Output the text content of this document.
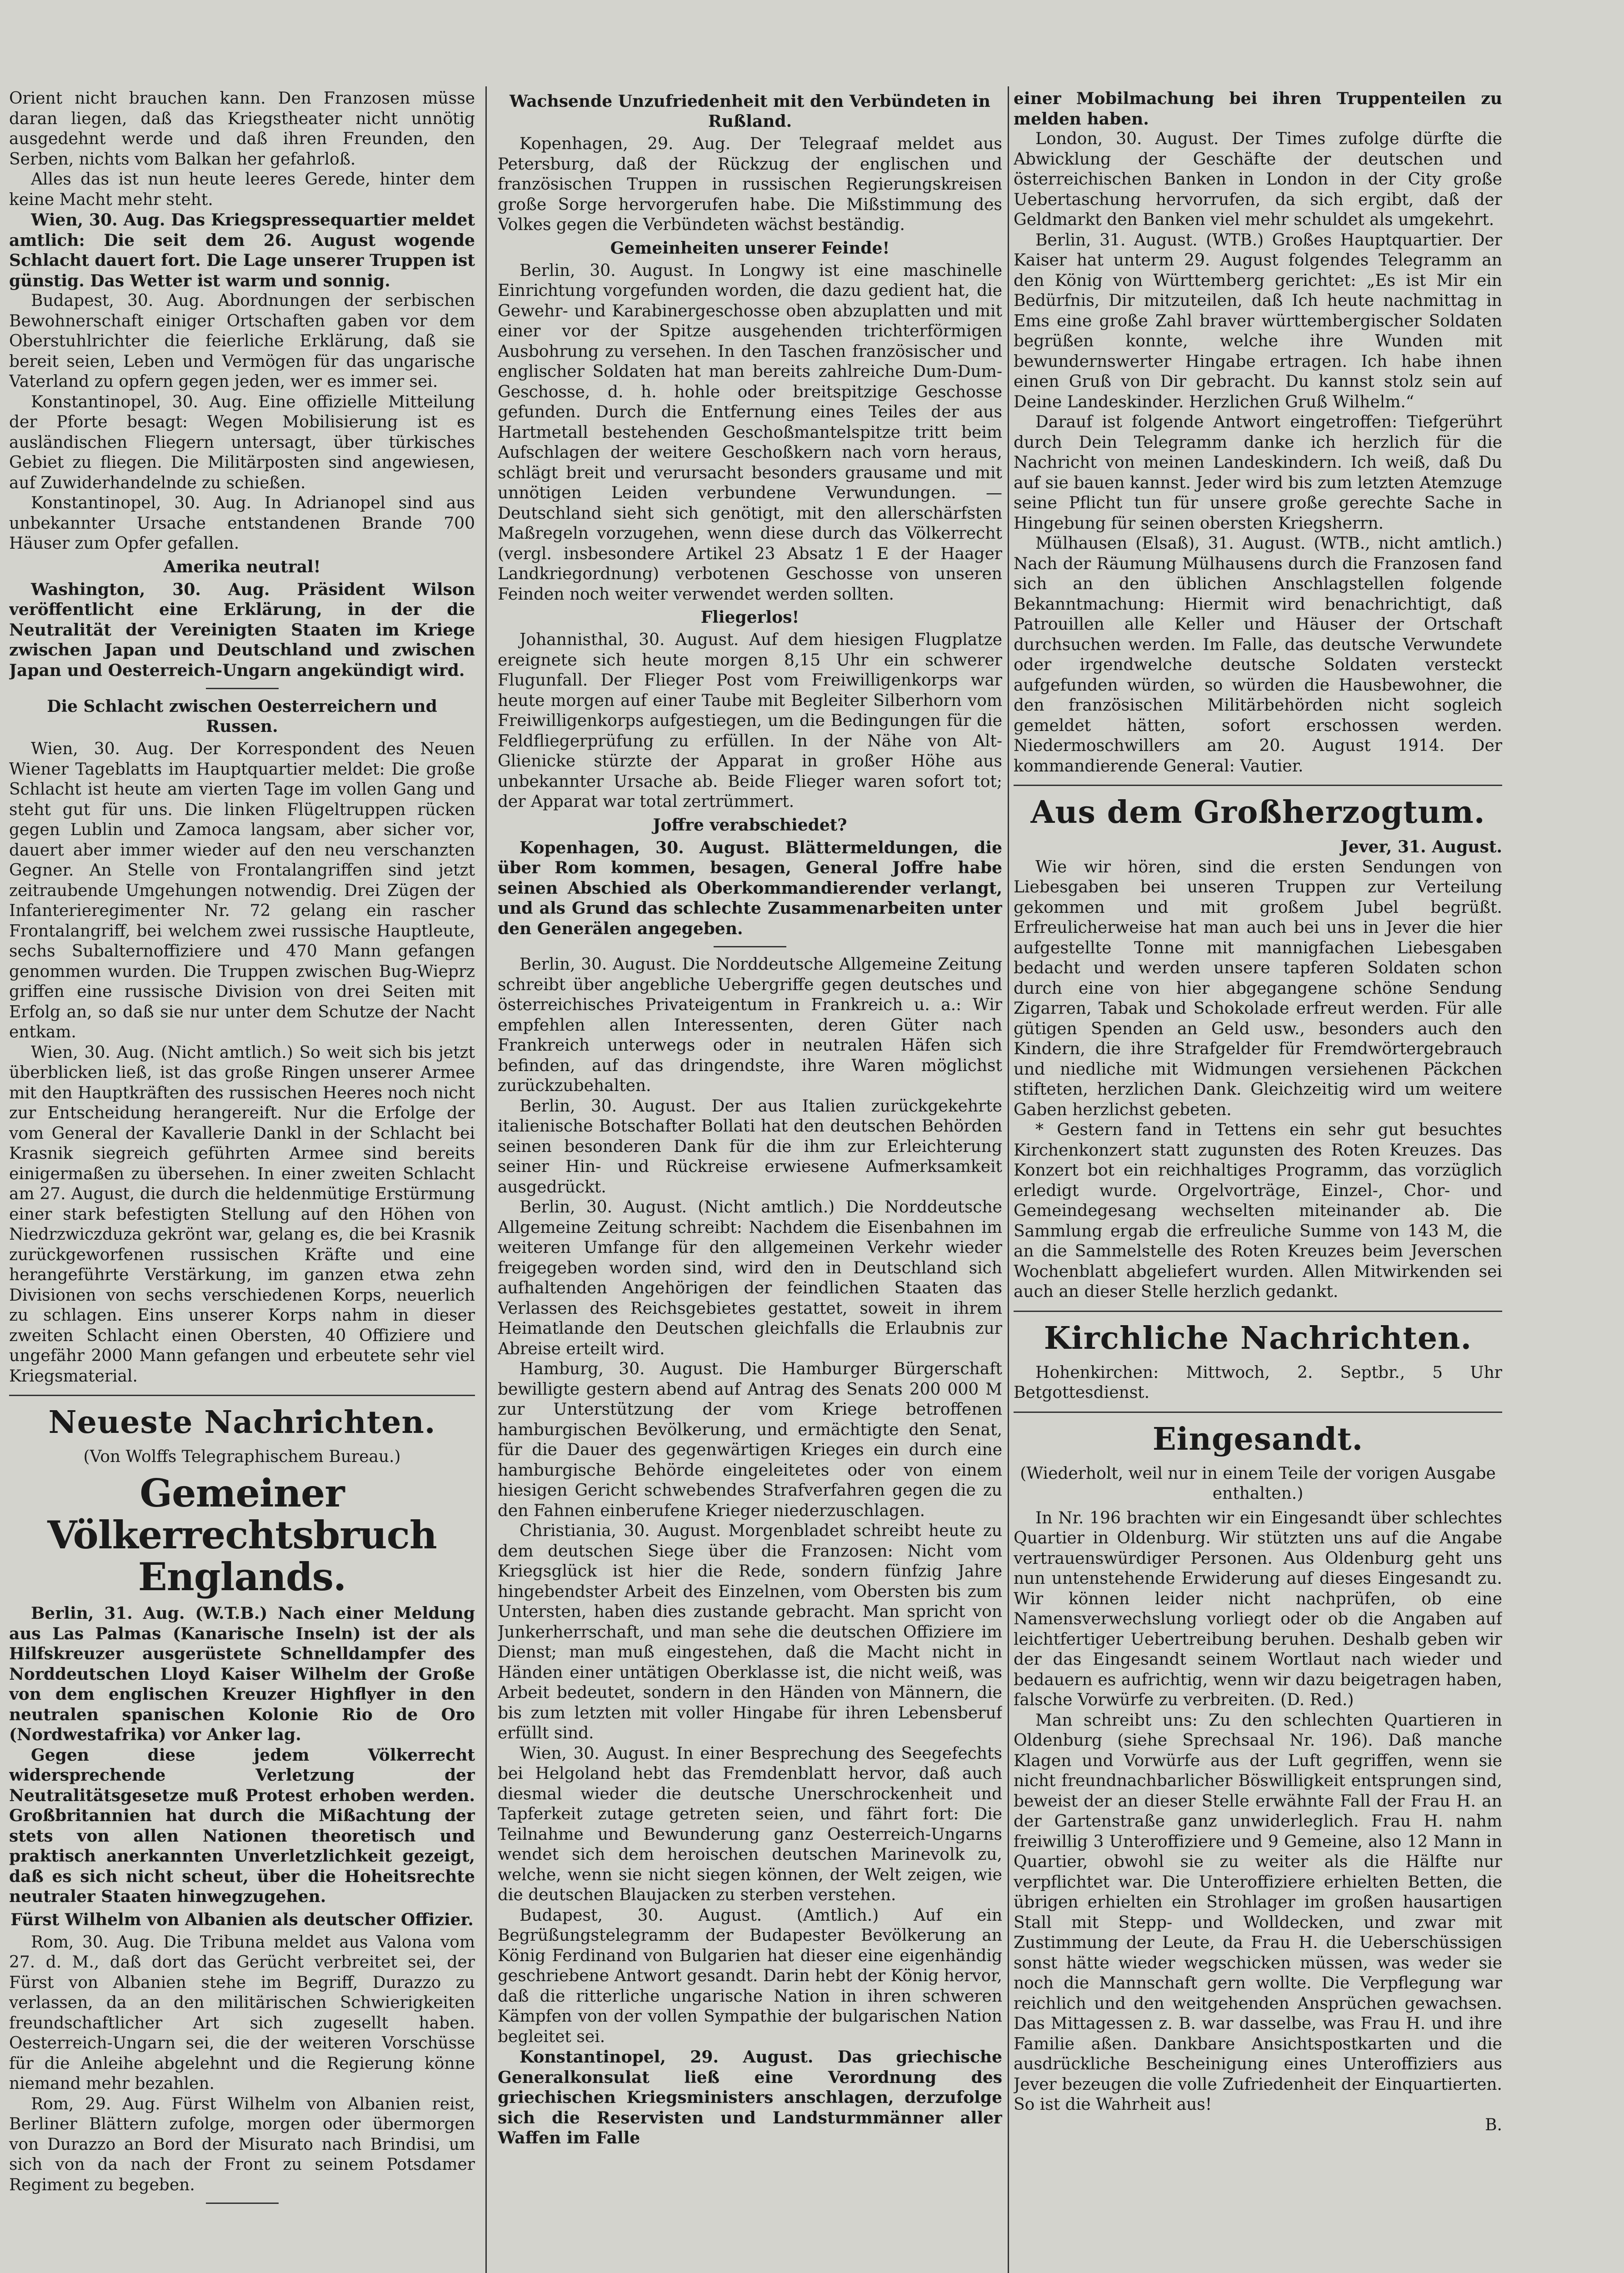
Orient nicht brauchen kann. Den Franzosen müsse daran liegen, daß das Kriegstheater nicht unnötig ausgedehnt werde und daß ihren Freunden, den Serben, nichts vom Balkan her gefahrloß.

Alles das ist nun heute leeres Gerede, hinter dem keine Macht mehr steht.

Wien, 30. Aug. Das Kriegspressequartier meldet amtlich: Die seit dem 26. August wogende Schlacht dauert fort. Die Lage unserer Truppen ist günstig. Das Wetter ist warm und sonnig.

Budapest, 30. Aug. Abordnungen der serbischen Bewohnerschaft einiger Ortschaften gaben vor dem Oberstuhlrichter die feierliche Erklärung, daß sie bereit seien, Leben und Vermögen für das ungarische Vaterland zu opfern gegen jeden, wer es immer sei.

Konstantinopel, 30. Aug. Eine offizielle Mitteilung der Pforte besagt: Wegen Mobilisierung ist es ausländischen Fliegern untersagt, über türkisches Gebiet zu fliegen. Die Militärposten sind angewiesen, auf Zuwiderhandelnde zu schießen.

Konstantinopel, 30. Aug. In Adrianopel sind aus unbekannter Ursache entstandenen Brande 700 Häuser zum Opfer gefallen.

Amerika neutral!

Washington, 30. Aug. Präsident Wilson veröffentlicht eine Erklärung, in der die Neutralität der Vereinigten Staaten im Kriege zwischen Japan und Deutschland und zwischen Japan und Oesterreich-Ungarn angekündigt wird.

Die Schlacht zwischen Oesterreichern und Russen.

Wien, 30. Aug. Der Korrespondent des Neuen Wiener Tageblatts im Hauptquartier meldet: Die große Schlacht ist heute am vierten Tage im vollen Gang und steht gut für uns. Die linken Flügeltruppen rücken gegen Lublin und Zamoca langsam, aber sicher vor, dauert aber immer wieder auf den neu verschanzten Gegner. An Stelle von Frontalangriffen sind jetzt zeitraubende Umgehungen notwendig. Drei Zügen der Infanterieregimenter Nr. 72 gelang ein rascher Frontalangriff, bei welchem zwei russische Hauptleute, sechs Subalternoffiziere und 470 Mann gefangen genommen wurden. Die Truppen zwischen Bug-Wieprz griffen eine russische Division von drei Seiten mit Erfolg an, so daß sie nur unter dem Schutze der Nacht entkam.

Wien, 30. Aug. (Nicht amtlich.) So weit sich bis jetzt überblicken ließ, ist das große Ringen unserer Armee mit den Hauptkräften des russischen Heeres noch nicht zur Entscheidung herangereift. Nur die Erfolge der vom General der Kavallerie Dankl in der Schlacht bei Krasnik siegreich geführten Armee sind bereits einigermaßen zu übersehen. In einer zweiten Schlacht am 27. August, die durch die heldenmütige Erstürmung einer stark befestigten Stellung auf den Höhen von Niedrzwiczduza gekrönt war, gelang es, die bei Krasnik zurückgeworfenen russischen Kräfte und eine herangeführte Verstärkung, im ganzen etwa zehn Divisionen von sechs verschiedenen Korps, neuerlich zu schlagen. Eins unserer Korps nahm in dieser zweiten Schlacht einen Obersten, 40 Offiziere und ungefähr 2000 Mann gefangen und erbeutete sehr viel Kriegsmaterial.

Neueste Nachrichten.
(Von Wolffs Telegraphischem Bureau.)
Gemeiner Völkerrechtsbruch Englands.

Berlin, 31. Aug. (W.T.B.) Nach einer Meldung aus Las Palmas (Kanarische Inseln) ist der als Hilfskreuzer ausgerüstete Schnelldampfer des Norddeutschen Lloyd Kaiser Wilhelm der Große von dem englischen Kreuzer Highflyer in den neutralen spanischen Kolonie Rio de Oro (Nordwestafrika) vor Anker lag.

Gegen diese jedem Völkerrecht widersprechende Verletzung der Neutralitätsgesetze muß Protest erhoben werden. Großbritannien hat durch die Mißachtung der stets von allen Nationen theoretisch und praktisch anerkannten Unverletzlichkeit gezeigt, daß es sich nicht scheut, über die Hoheitsrechte neutraler Staaten hinwegzugehen.

Fürst Wilhelm von Albanien als deutscher Offizier.

Rom, 30. Aug. Die Tribuna meldet aus Valona vom 27. d. M., daß dort das Gerücht verbreitet sei, der Fürst von Albanien stehe im Begriff, Durazzo zu verlassen, da an den militärischen Schwierigkeiten freundschaftlicher Art sich zugesellt haben. Oesterreich-Ungarn sei, die der weiteren Vorschüsse für die Anleihe abgelehnt und die Regierung könne niemand mehr bezahlen.

Rom, 29. Aug. Fürst Wilhelm von Albanien reist, Berliner Blättern zufolge, morgen oder übermorgen von Durazzo an Bord der Misurato nach Brindisi, um sich von da nach der Front zu seinem Potsdamer Regiment zu begeben.

Wachsende Unzufriedenheit mit den Verbündeten in Rußland.

Kopenhagen, 29. Aug. Der Telegraaf meldet aus Petersburg, daß der Rückzug der englischen und französischen Truppen in russischen Regierungskreisen große Sorge hervorgerufen habe. Die Mißstimmung des Volkes gegen die Verbündeten wächst beständig.

Gemeinheiten unserer Feinde!

Berlin, 30. August. In Longwy ist eine maschinelle Einrichtung vorgefunden worden, die dazu gedient hat, die Gewehr- und Karabinergeschosse oben abzuplatten und mit einer vor der Spitze ausgehenden trichterförmigen Ausbohrung zu versehen. In den Taschen französischer und englischer Soldaten hat man bereits zahlreiche Dum-Dum-Geschosse, d. h. hohle oder breitspitzige Geschosse gefunden. Durch die Entfernung eines Teiles der aus Hartmetall bestehenden Geschoßmantelspitze tritt beim Aufschlagen der weitere Geschoßkern nach vorn heraus, schlägt breit und verursacht besonders grausame und mit unnötigen Leiden verbundene Verwundungen. — Deutschland sieht sich genötigt, mit den allerschärfsten Maßregeln vorzugehen, wenn diese durch das Völkerrecht (vergl. insbesondere Artikel 23 Absatz 1 E der Haager Landkriegordnung) verbotenen Geschosse von unseren Feinden noch weiter verwendet werden sollten.

Fliegerlos!

Johannisthal, 30. August. Auf dem hiesigen Flugplatze ereignete sich heute morgen 8,15 Uhr ein schwerer Flugunfall. Der Flieger Post vom Freiwilligenkorps war heute morgen auf einer Taube mit Begleiter Silberhorn vom Freiwilligenkorps aufgestiegen, um die Bedingungen für die Feldfliegerprüfung zu erfüllen. In der Nähe von Alt-Glienicke stürzte der Apparat in großer Höhe aus unbekannter Ursache ab. Beide Flieger waren sofort tot; der Apparat war total zertrümmert.

Joffre verabschiedet?

Kopenhagen, 30. August. Blättermeldungen, die über Rom kommen, besagen, General Joffre habe seinen Abschied als Oberkommandierender verlangt, und als Grund das schlechte Zusammenarbeiten unter den Generälen angegeben.

Berlin, 30. August. Die Norddeutsche Allgemeine Zeitung schreibt über angebliche Uebergriffe gegen deutsches und österreichisches Privateigentum in Frankreich u. a.: Wir empfehlen allen Interessenten, deren Güter nach Frankreich unterwegs oder in neutralen Häfen sich befinden, auf das dringendste, ihre Waren möglichst zurückzubehalten.

Berlin, 30. August. Der aus Italien zurückgekehrte italienische Botschafter Bollati hat den deutschen Behörden seinen besonderen Dank für die ihm zur Erleichterung seiner Hin- und Rückreise erwiesene Aufmerksamkeit ausgedrückt.

Berlin, 30. August. (Nicht amtlich.) Die Norddeutsche Allgemeine Zeitung schreibt: Nachdem die Eisenbahnen im weiteren Umfange für den allgemeinen Verkehr wieder freigegeben worden sind, wird den in Deutschland sich aufhaltenden Angehörigen der feindlichen Staaten das Verlassen des Reichsgebietes gestattet, soweit in ihrem Heimatlande den Deutschen gleichfalls die Erlaubnis zur Abreise erteilt wird.

Hamburg, 30. August. Die Hamburger Bürgerschaft bewilligte gestern abend auf Antrag des Senats 200 000 M zur Unterstützung der vom Kriege betroffenen hamburgischen Bevölkerung, und ermächtigte den Senat, für die Dauer des gegenwärtigen Krieges ein durch eine hamburgische Behörde eingeleitetes oder von einem hiesigen Gericht schwebendes Strafverfahren gegen die zu den Fahnen einberufene Krieger niederzuschlagen.

Christiania, 30. August. Morgenbladet schreibt heute zu dem deutschen Siege über die Franzosen: Nicht vom Kriegsglück ist hier die Rede, sondern fünfzig Jahre hingebendster Arbeit des Einzelnen, vom Obersten bis zum Untersten, haben dies zustande gebracht. Man spricht von Junkerherrschaft, und man sehe die deutschen Offiziere im Dienst; man muß eingestehen, daß die Macht nicht in Händen einer untätigen Oberklasse ist, die nicht weiß, was Arbeit bedeutet, sondern in den Händen von Männern, die bis zum letzten mit voller Hingabe für ihren Lebensberuf erfüllt sind.

Wien, 30. August. In einer Besprechung des Seegefechts bei Helgoland hebt das Fremdenblatt hervor, daß auch diesmal wieder die deutsche Unerschrockenheit und Tapferkeit zutage getreten seien, und fährt fort: Die Teilnahme und Bewunderung ganz Oesterreich-Ungarns wendet sich dem heroischen deutschen Marinevolk zu, welche, wenn sie nicht siegen können, der Welt zeigen, wie die deutschen Blaujacken zu sterben verstehen.

Budapest, 30. August. (Amtlich.) Auf ein Begrüßungstelegramm der Budapester Bevölkerung an König Ferdinand von Bulgarien hat dieser eine eigenhändig geschriebene Antwort gesandt. Darin hebt der König hervor, daß die ritterliche ungarische Nation in ihren schweren Kämpfen von der vollen Sympathie der bulgarischen Nation begleitet sei.

Konstantinopel, 29. August. Das griechische Generalkonsulat ließ eine Verordnung des griechischen Kriegsministers anschlagen, derzufolge sich die Reservisten und Landsturmmänner aller Waffen im Falle

einer Mobilmachung bei ihren Truppenteilen zu melden haben.

London, 30. August. Der Times zufolge dürfte die Abwicklung der Geschäfte der deutschen und österreichischen Banken in London in der City große Uebertaschung hervorrufen, da sich ergibt, daß der Geldmarkt den Banken viel mehr schuldet als umgekehrt.

Berlin, 31. August. (WTB.) Großes Hauptquartier. Der Kaiser hat unterm 29. August folgendes Telegramm an den König von Württemberg gerichtet: „Es ist Mir ein Bedürfnis, Dir mitzuteilen, daß Ich heute nachmittag in Ems eine große Zahl braver württembergischer Soldaten begrüßen konnte, welche ihre Wunden mit bewundernswerter Hingabe ertragen. Ich habe ihnen einen Gruß von Dir gebracht. Du kannst stolz sein auf Deine Landeskinder. Herzlichen Gruß Wilhelm.“

Darauf ist folgende Antwort eingetroffen: Tiefgerührt durch Dein Telegramm danke ich herzlich für die Nachricht von meinen Landeskindern. Ich weiß, daß Du auf sie bauen kannst. Jeder wird bis zum letzten Atemzuge seine Pflicht tun für unsere große gerechte Sache in Hingebung für seinen obersten Kriegsherrn.

Mülhausen (Elsaß), 31. August. (WTB., nicht amtlich.) Nach der Räumung Mülhausens durch die Franzosen fand sich an den üblichen Anschlagstellen folgende Bekanntmachung: Hiermit wird benachrichtigt, daß Patrouillen alle Keller und Häuser der Ortschaft durchsuchen werden. Im Falle, das deutsche Verwundete oder irgendwelche deutsche Soldaten versteckt aufgefunden würden, so würden die Hausbewohner, die den französischen Militärbehörden nicht sogleich gemeldet hätten, sofort erschossen werden. Niedermoschwillers am 20. August 1914. Der kommandierende General: Vautier.

Aus dem Großherzogtum.

Jever, 31. August.

Wie wir hören, sind die ersten Sendungen von Liebesgaben bei unseren Truppen zur Verteilung gekommen und mit großem Jubel begrüßt. Erfreulicherweise hat man auch bei uns in Jever die hier aufgestellte Tonne mit mannigfachen Liebesgaben bedacht und werden unsere tapferen Soldaten schon durch eine von hier abgegangene schöne Sendung Zigarren, Tabak und Schokolade erfreut werden. Für alle gütigen Spenden an Geld usw., besonders auch den Kindern, die ihre Strafgelder für Fremdwörtergebrauch und niedliche mit Widmungen versiehenen Päckchen stifteten, herzlichen Dank. Gleichzeitig wird um weitere Gaben herzlichst gebeten.

* Gestern fand in Tettens ein sehr gut besuchtes Kirchenkonzert statt zugunsten des Roten Kreuzes. Das Konzert bot ein reichhaltiges Programm, das vorzüglich erledigt wurde. Orgelvorträge, Einzel-, Chor- und Gemeindegesang wechselten miteinander ab. Die Sammlung ergab die erfreuliche Summe von 143 M, die an die Sammelstelle des Roten Kreuzes beim Jeverschen Wochenblatt abgeliefert wurden. Allen Mitwirkenden sei auch an dieser Stelle herzlich gedankt.

Kirchliche Nachrichten.

Hohenkirchen: Mittwoch, 2. Septbr., 5 Uhr Betgottesdienst.

Eingesandt.
(Wiederholt, weil nur in einem Teile der vorigen Ausgabe enthalten.)

In Nr. 196 brachten wir ein Eingesandt über schlechtes Quartier in Oldenburg. Wir stützten uns auf die Angabe vertrauenswürdiger Personen. Aus Oldenburg geht uns nun untenstehende Erwiderung auf dieses Eingesandt zu. Wir können leider nicht nachprüfen, ob eine Namensverwechslung vorliegt oder ob die Angaben auf leichtfertiger Uebertreibung beruhen. Deshalb geben wir der das Eingesandt seinem Wortlaut nach wieder und bedauern es aufrichtig, wenn wir dazu beigetragen haben, falsche Vorwürfe zu verbreiten. (D. Red.)

Man schreibt uns: Zu den schlechten Quartieren in Oldenburg (siehe Sprechsaal Nr. 196). Daß manche Klagen und Vorwürfe aus der Luft gegriffen, wenn sie nicht freundnachbarlicher Böswilligkeit entsprungen sind, beweist der an dieser Stelle erwähnte Fall der Frau H. an der Gartenstraße ganz unwiderleglich. Frau H. nahm freiwillig 3 Unteroffiziere und 9 Gemeine, also 12 Mann in Quartier, obwohl sie zu weiter als die Hälfte nur verpflichtet war. Die Unteroffiziere erhielten Betten, die übrigen erhielten ein Strohlager im großen hausartigen Stall mit Stepp- und Wolldecken, und zwar mit Zustimmung der Leute, da Frau H. die Ueberschüssigen sonst hätte wieder wegschicken müssen, was weder sie noch die Mannschaft gern wollte. Die Verpflegung war reichlich und den weitgehenden Ansprüchen gewachsen. Das Mittagessen z. B. war dasselbe, was Frau H. und ihre Familie aßen. Dankbare Ansichtspostkarten und die ausdrückliche Bescheinigung eines Unteroffiziers aus Jever bezeugen die volle Zufriedenheit der Einquartierten. So ist die Wahrheit aus!

B.
